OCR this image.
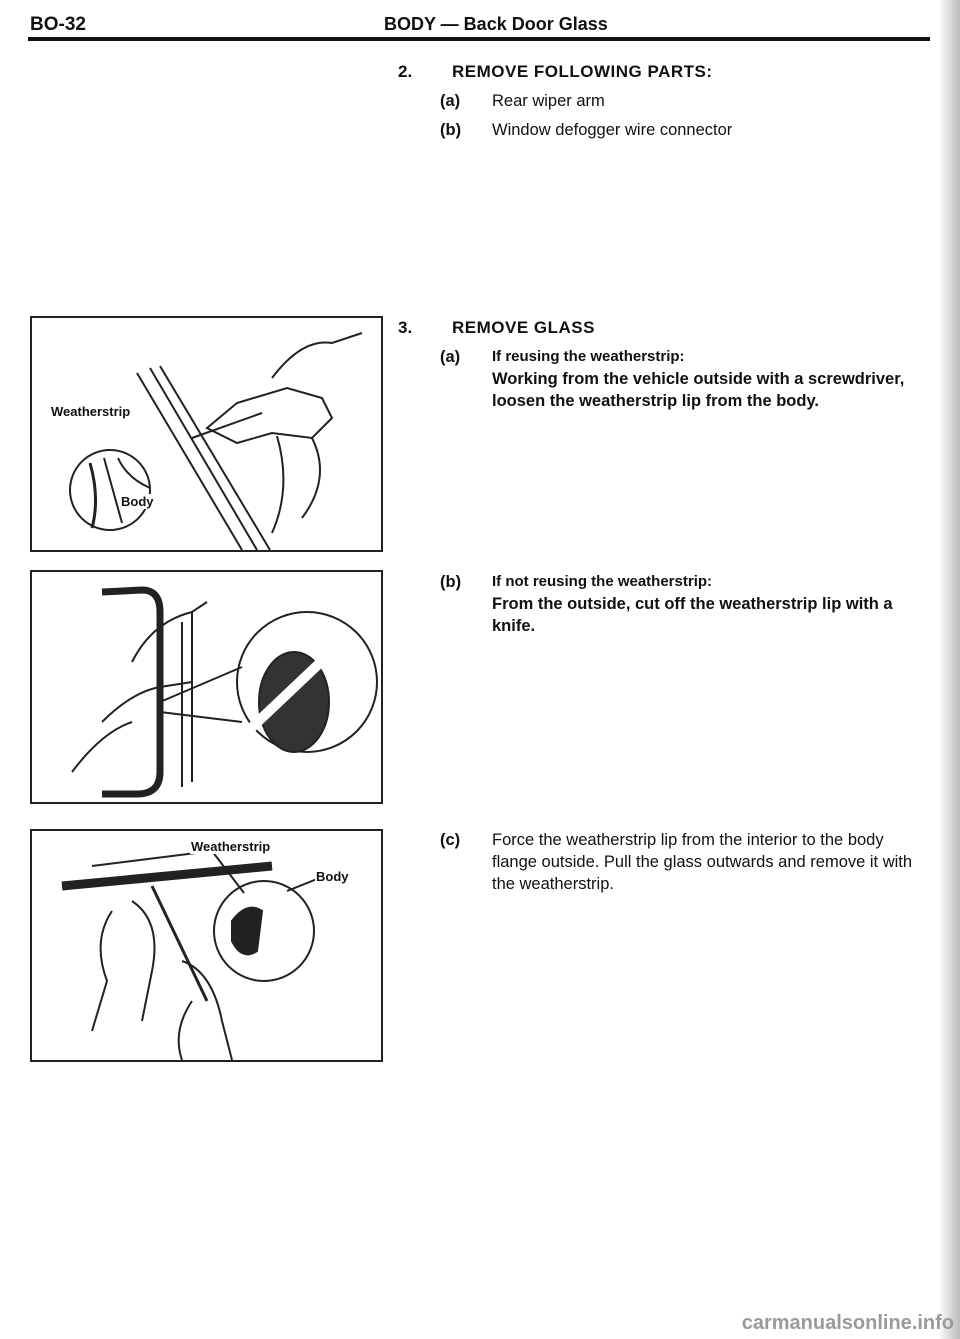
BO-32	BODY — Back Door Glass
2. REMOVE FOLLOWING PARTS:
(a) Rear wiper arm
(b) Window defogger wire connector
3. REMOVE GLASS
(a) If reusing the weatherstrip:
Working from the vehicle outside with a screwdriver, loosen the weatherstrip lip from the body.
(b) If not reusing the weatherstrip:
From the outside, cut off the weatherstrip lip with a knife.
(c) Force the weatherstrip lip from the interior to the body flange outside. Pull the glass outwards and remove it with the weatherstrip.
Weatherstrip
Body
Weatherstrip
Body
carmanualsonline.info
